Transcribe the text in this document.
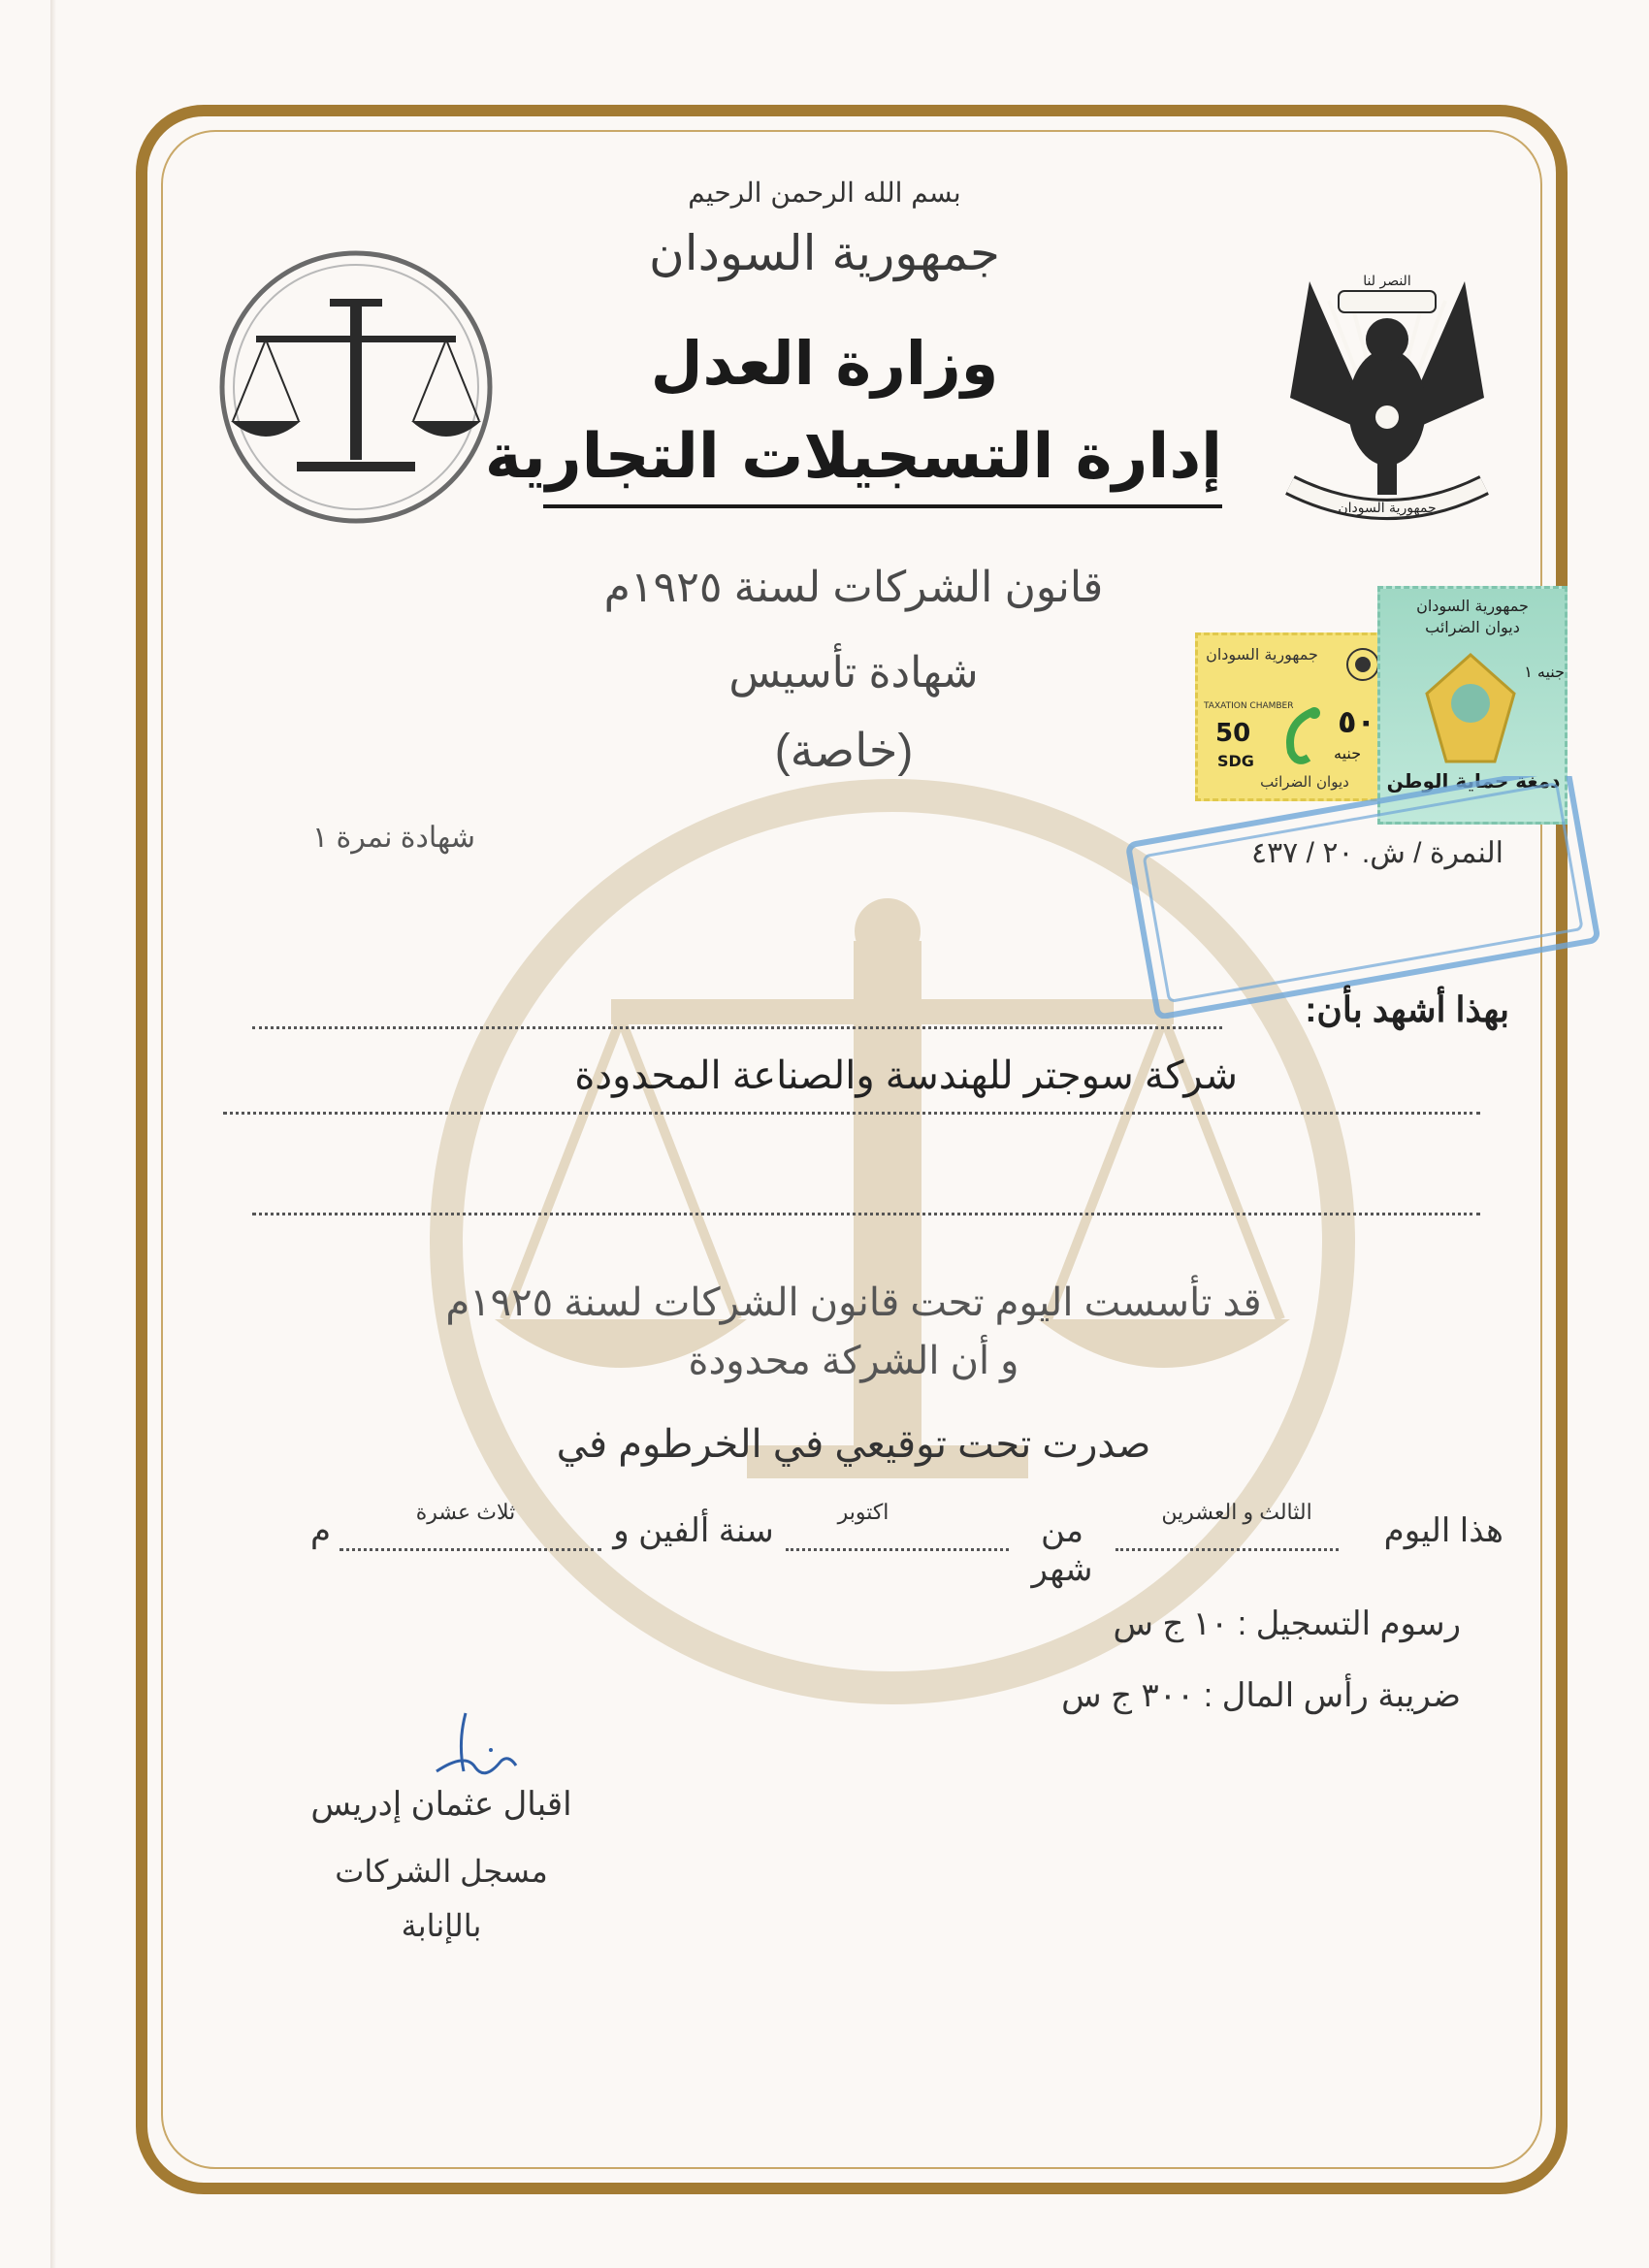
النصر لنا
جمهورية السودان
بسم الله الرحمن الرحيم
جمهورية السودان
وزارة العدل
إدارة التسجيلات التجارية
قانون الشركات لسنة ١٩٢٥م
شهادة تأسيس
(خاصة)
شهادة نمرة ١
جمهورية السودان
TAXATION CHAMBER
50
SDG
٥٠
جنيه
ديوان الضرائب
جمهورية السودان
ديوان الضرائب
جنيه ١
دمغة حماية الوطن
النمرة / ش. ٢٠ / ٤٣٧
بهذا أشهد بأن:
شركة سوجتر للهندسة والصناعة المحدودة
قد تأسست اليوم تحت قانون الشركات لسنة ١٩٢٥م
و أن الشركة محدودة
صدرت تحت توقيعي في الخرطوم في
هذا اليوم
الثالث و العشرين
من شهر
اكتوبر
سنة ألفين و
ثلاث عشرة
م
رسوم التسجيل : ١٠ ج س
ضريبة رأس المال : ٣٠٠ ج س
اقبال عثمان إدريس
مسجل الشركات
بالإنابة
